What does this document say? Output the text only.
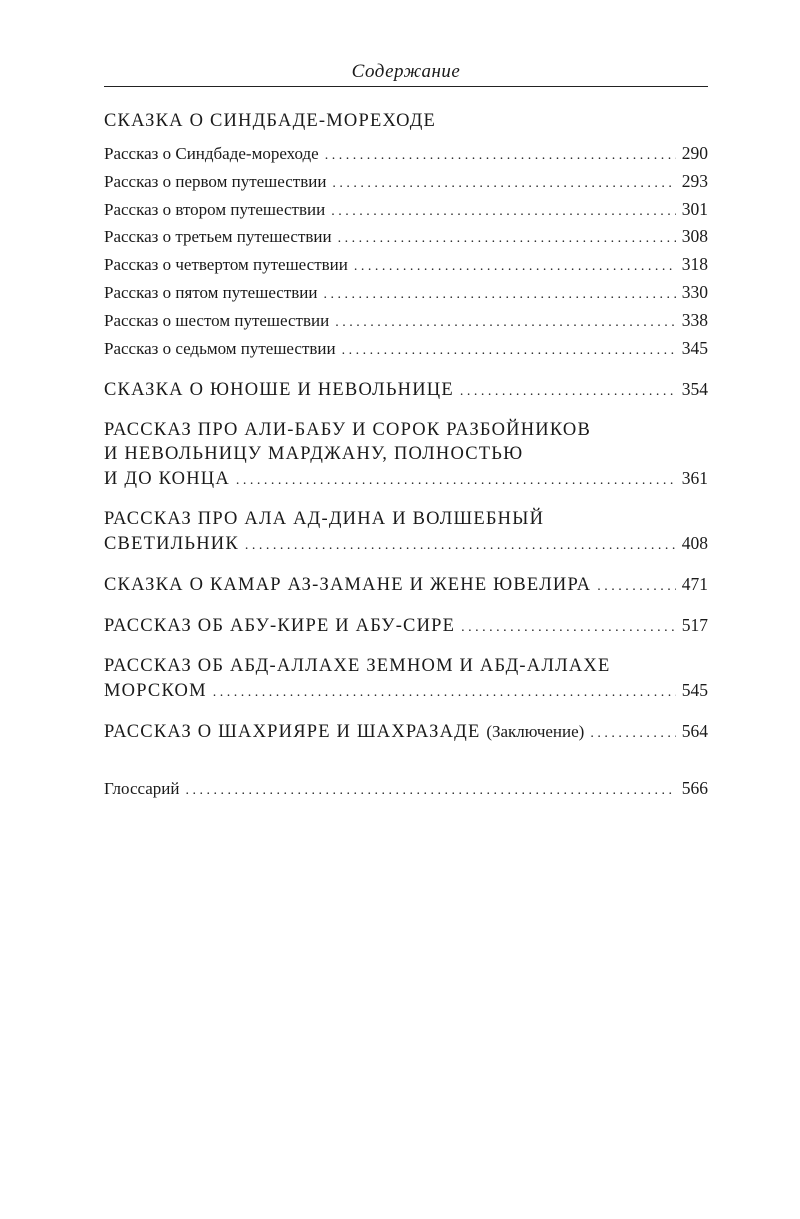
Содержание
СКАЗКА О СИНДБАДЕ-МОРЕХОДЕ
Рассказ о Синдбаде-мореходе . . .	290
Рассказ о первом путешествии . . .	293
Рассказ о втором путешествии . . .	301
Рассказ о третьем путешествии . . .	308
Рассказ о четвертом путешествии . . .	318
Рассказ о пятом путешествии . . .	330
Рассказ о шестом путешествии . . .	338
Рассказ о седьмом путешествии . . .	345
СКАЗКА О ЮНОШЕ И НЕВОЛЬНИЦЕ . . .	354
РАССКАЗ ПРО АЛИ-БАБУ И СОРОК РАЗБОЙНИКОВ
И НЕВОЛЬНИЦУ МАРДЖАНУ, ПОЛНОСТЬЮ
И ДО КОНЦА . . .	361
РАССКАЗ ПРО АЛА АД-ДИНА И ВОЛШЕБНЫЙ
СВЕТИЛЬНИК . . .	408
СКАЗКА О КАМАР АЗ-ЗАМАНЕ И ЖЕНЕ ЮВЕЛИРА . . .	471
РАССКАЗ ОБ АБУ-КИРЕ И АБУ-СИРЕ . . .	517
РАССКАЗ ОБ АБД-АЛЛАХЕ ЗЕМНОМ И АБД-АЛЛАХЕ
МОРСКОМ . . .	545
РАССКАЗ О ШАХРИЯРЕ И ШАХРАЗАДЕ (Заключение) . . .	564
Глоссарий . . .	566
